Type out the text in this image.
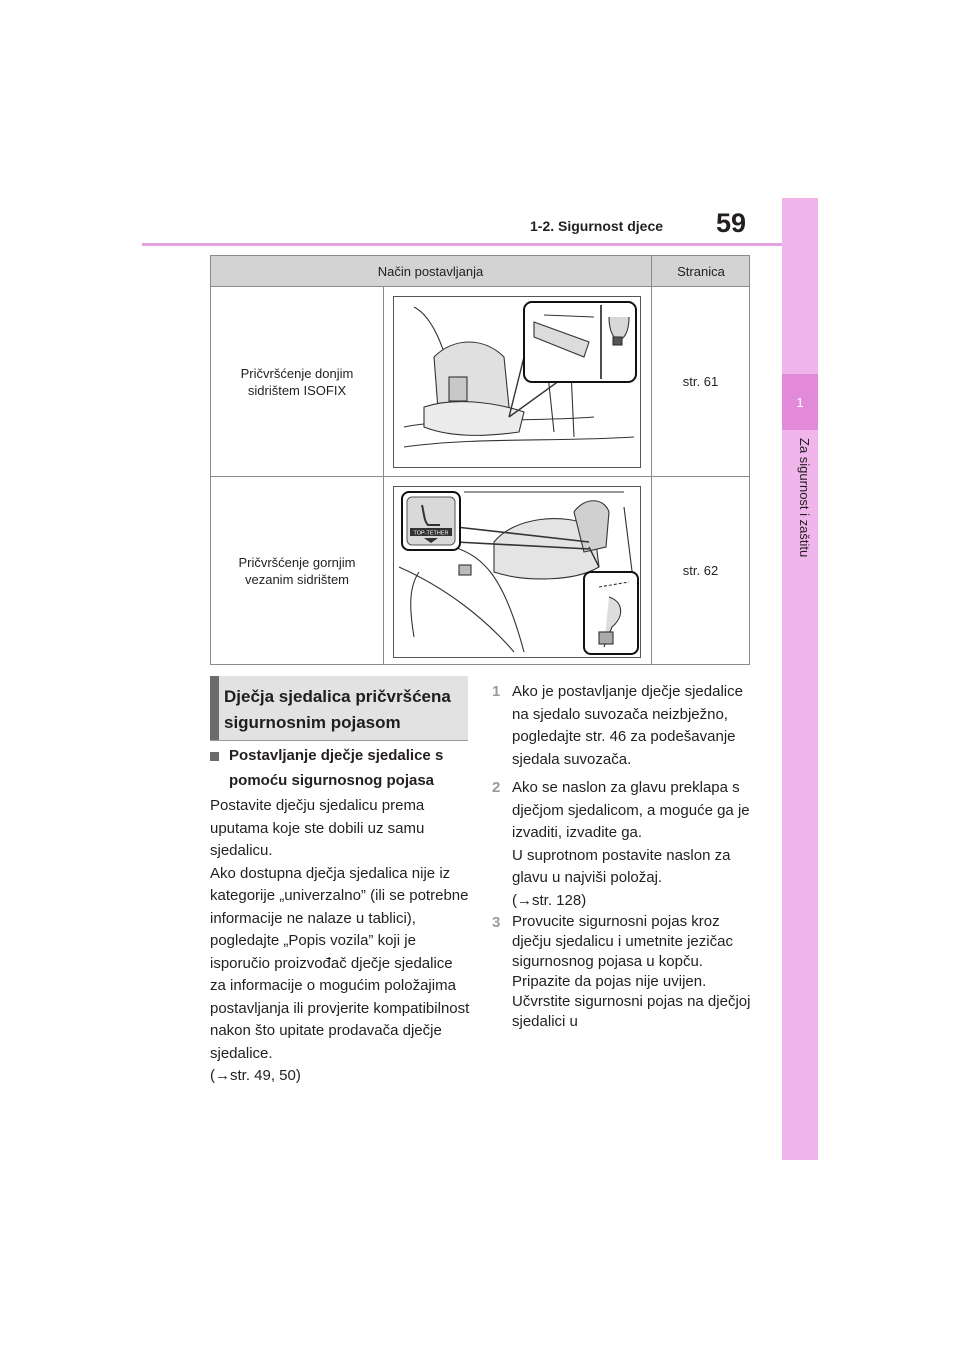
1-2. Sigurnost djece 59
1
Za sigurnost i zaštitu
Način postavljanja	Stranica
Pričvršćenje donjim sidrištem ISOFIX
str. 61
Pričvršćenje gornjim vezanim sidrištem
TOP-TETHER
str. 62
Dječja sjedalica pričvršćena sigurnosnim pojasom
Postavljanje dječje sjedalice s pomoću sigurnosnog pojasa
Postavite dječju sjedalicu prema uputama koje ste dobili uz samu sjedalicu.
Ako dostupna dječja sjedalica nije iz kategorije „univerzalno” (ili se potrebne informacije ne nalaze u tablici), pogledajte „Popis vozila” koji je isporučio proizvođač dječje sjedalice za informacije o mogućim položajima postavljanja ili provjerite kompatibilnost nakon što upitate prodavača dječje sjedalice.
(→str. 49, 50)
1 Ako je postavljanje dječje sjedalice na sjedalo suvozača neizbježno, pogledajte str. 46 za podešavanje sjedala suvozača.
2 Ako se naslon za glavu preklapa s dječjom sjedalicom, a moguće ga je izvaditi, izvadite ga.
U suprotnom postavite naslon za glavu u najviši položaj.
(→str. 128)
3 Provucite sigurnosni pojas kroz dječju sjedalicu i umetnite jezičac sigurnosnog pojasa u kopču. Pripazite da pojas nije uvijen. Učvrstite sigurnosni pojas na dječjoj sjedalici u
